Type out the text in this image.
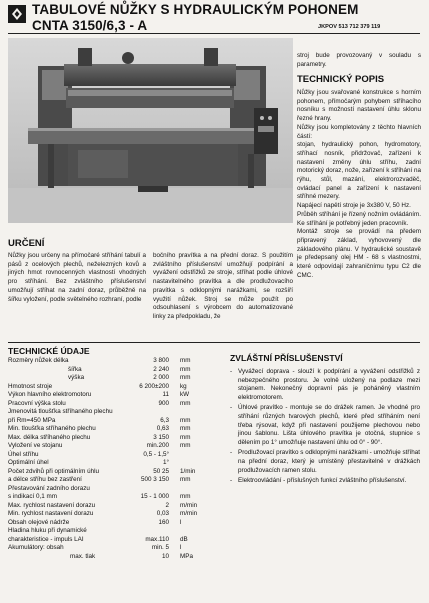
TABULOVÉ NŮŽKY S HYDRAULICKÝM POHONEM
CNTA 3150/6,3 - A	JKPOV 513 712 379 119
stroj bude provozovaný v souladu s parametry.
TECHNICKÝ POPIS
Nůžky jsou svařované konstrukce s horním pohonem, přímočarým pohybem stříhacího nosníku s možností nastavení úhlu sklonu řezné hrany.
Nůžky jsou kompletovány z těchto hlavních částí:
stojan, hydraulický pohon, hydromotory, stříhací nosník, přidržovač, zařízení k nastavení změny úhlu stříhu, zadní motorický doraz, nože, zařízení k stříhání na rýhu, stůl, mazání, elektrorozvaděč, ovládací panel a zařízení k nastavení stříhné mezery.
Napájecí napětí stroje je 3x380 V, 50 Hz.
Průběh stříhání je řízený nožním ovládáním. Ke stříhání je potřebný jeden pracovník.
Montáž stroje se provádí na předem připravený základ, vyhovovený dle základového plánu. V hydraulické soustavě je předepsaný olej HM - 68 s vlastnostmi, které odpovídají zahraničnímu typu C2 dle CMC.
URČENÍ
Nůžky jsou určeny na přímočaré stříhání tabulí a pásů z ocelových plechů, neželezných kovů a jiných hmot rovnocenných vlastností vhodných pro stříhání. Bez zvláštního příslušenství umožňují stříhat na zadní doraz, průběžně na šířku vyložení, podle světelného rozhraní, podle
bočního pravítka a na přední doraz. S použitím zvláštního příslušenství umožňují podpírání a vyvážení odstřižků ze stroje, stříhat podle úhlové nastavitelného pravítka a dle prodlužovacího pravítka s odklopnými narážkami, se rozšíří využití nůžek. Stroj se může použít po odsouhlasení s výrobcem do automatizované linky za předpokladu, že
TECHNICKÉ ÚDAJE
Rozměry nůžek délka	3 800 mm
šířka	2 240 mm
výška	2 000 mm
Hmotnost stroje	6 200±200 kg
Výkon hlavního elektromotoru	11 kW
Pracovní výška stolu	900 mm
Jmenovitá tloušťka stříhaného plechu
při Rm=450 MPa	6,3 mm
Min. tloušťka stříhaného plechu	0,63 mm
Max. délka stříhaného plechu	3 150 mm
Vyložení ve stojanu	min.200 mm
Úhel stříhu	0,5 - 1,5°
Optimální úhel	1°
Počet zdvihů při optimálním úhlu	50 25 1/min
a délce stříhu bez zastření	500 3 150 mm
Přestavování zadního dorazu
s indikací 0,1 mm	15 - 1 000 mm
Max. rychlost nastavení dorazu	2 m/min
Min. rychlost nastavení dorazu	0,03 m/min
Obsah olejové nádrže	160 l
Hladina hluku při dynamické
charakteristice - impuls LAI	max.110 dB
Akumulátory: obsah	min. 5 l
max. tlak	10 MPa
ZVLÁŠTNÍ PŘÍSLUŠENSTVÍ
- Vyvážecí doprava - slouží k podpírání a vyvážení odstřižků z nebezpečného prostoru. Je volně uložený na podlaze mezi stojanem. Nekonečný dopravní pás je poháněný vlastním elektromotorem.
- Úhlové pravítko - montuje se do drážek ramen. Je vhodné pro stříhání různých tvarových plechů, které před stříháním není třeba rýsovat, když při nastavení použijeme plechovou nebo jinou šablonu. Lišta úhlového pravítka je otočná, stupnice s dělením po 1° umožňuje nastavení úhlu od 0° - 90°.
- Prodlužovací pravítko s odklopnými narážkami - umožňuje stříhat na přední doraz, který je umístěný přestavitelně v drážkách prodlužovacích ramen stolu.
- Elektroovládání - příslušných funkcí zvláštního příslušenství.
